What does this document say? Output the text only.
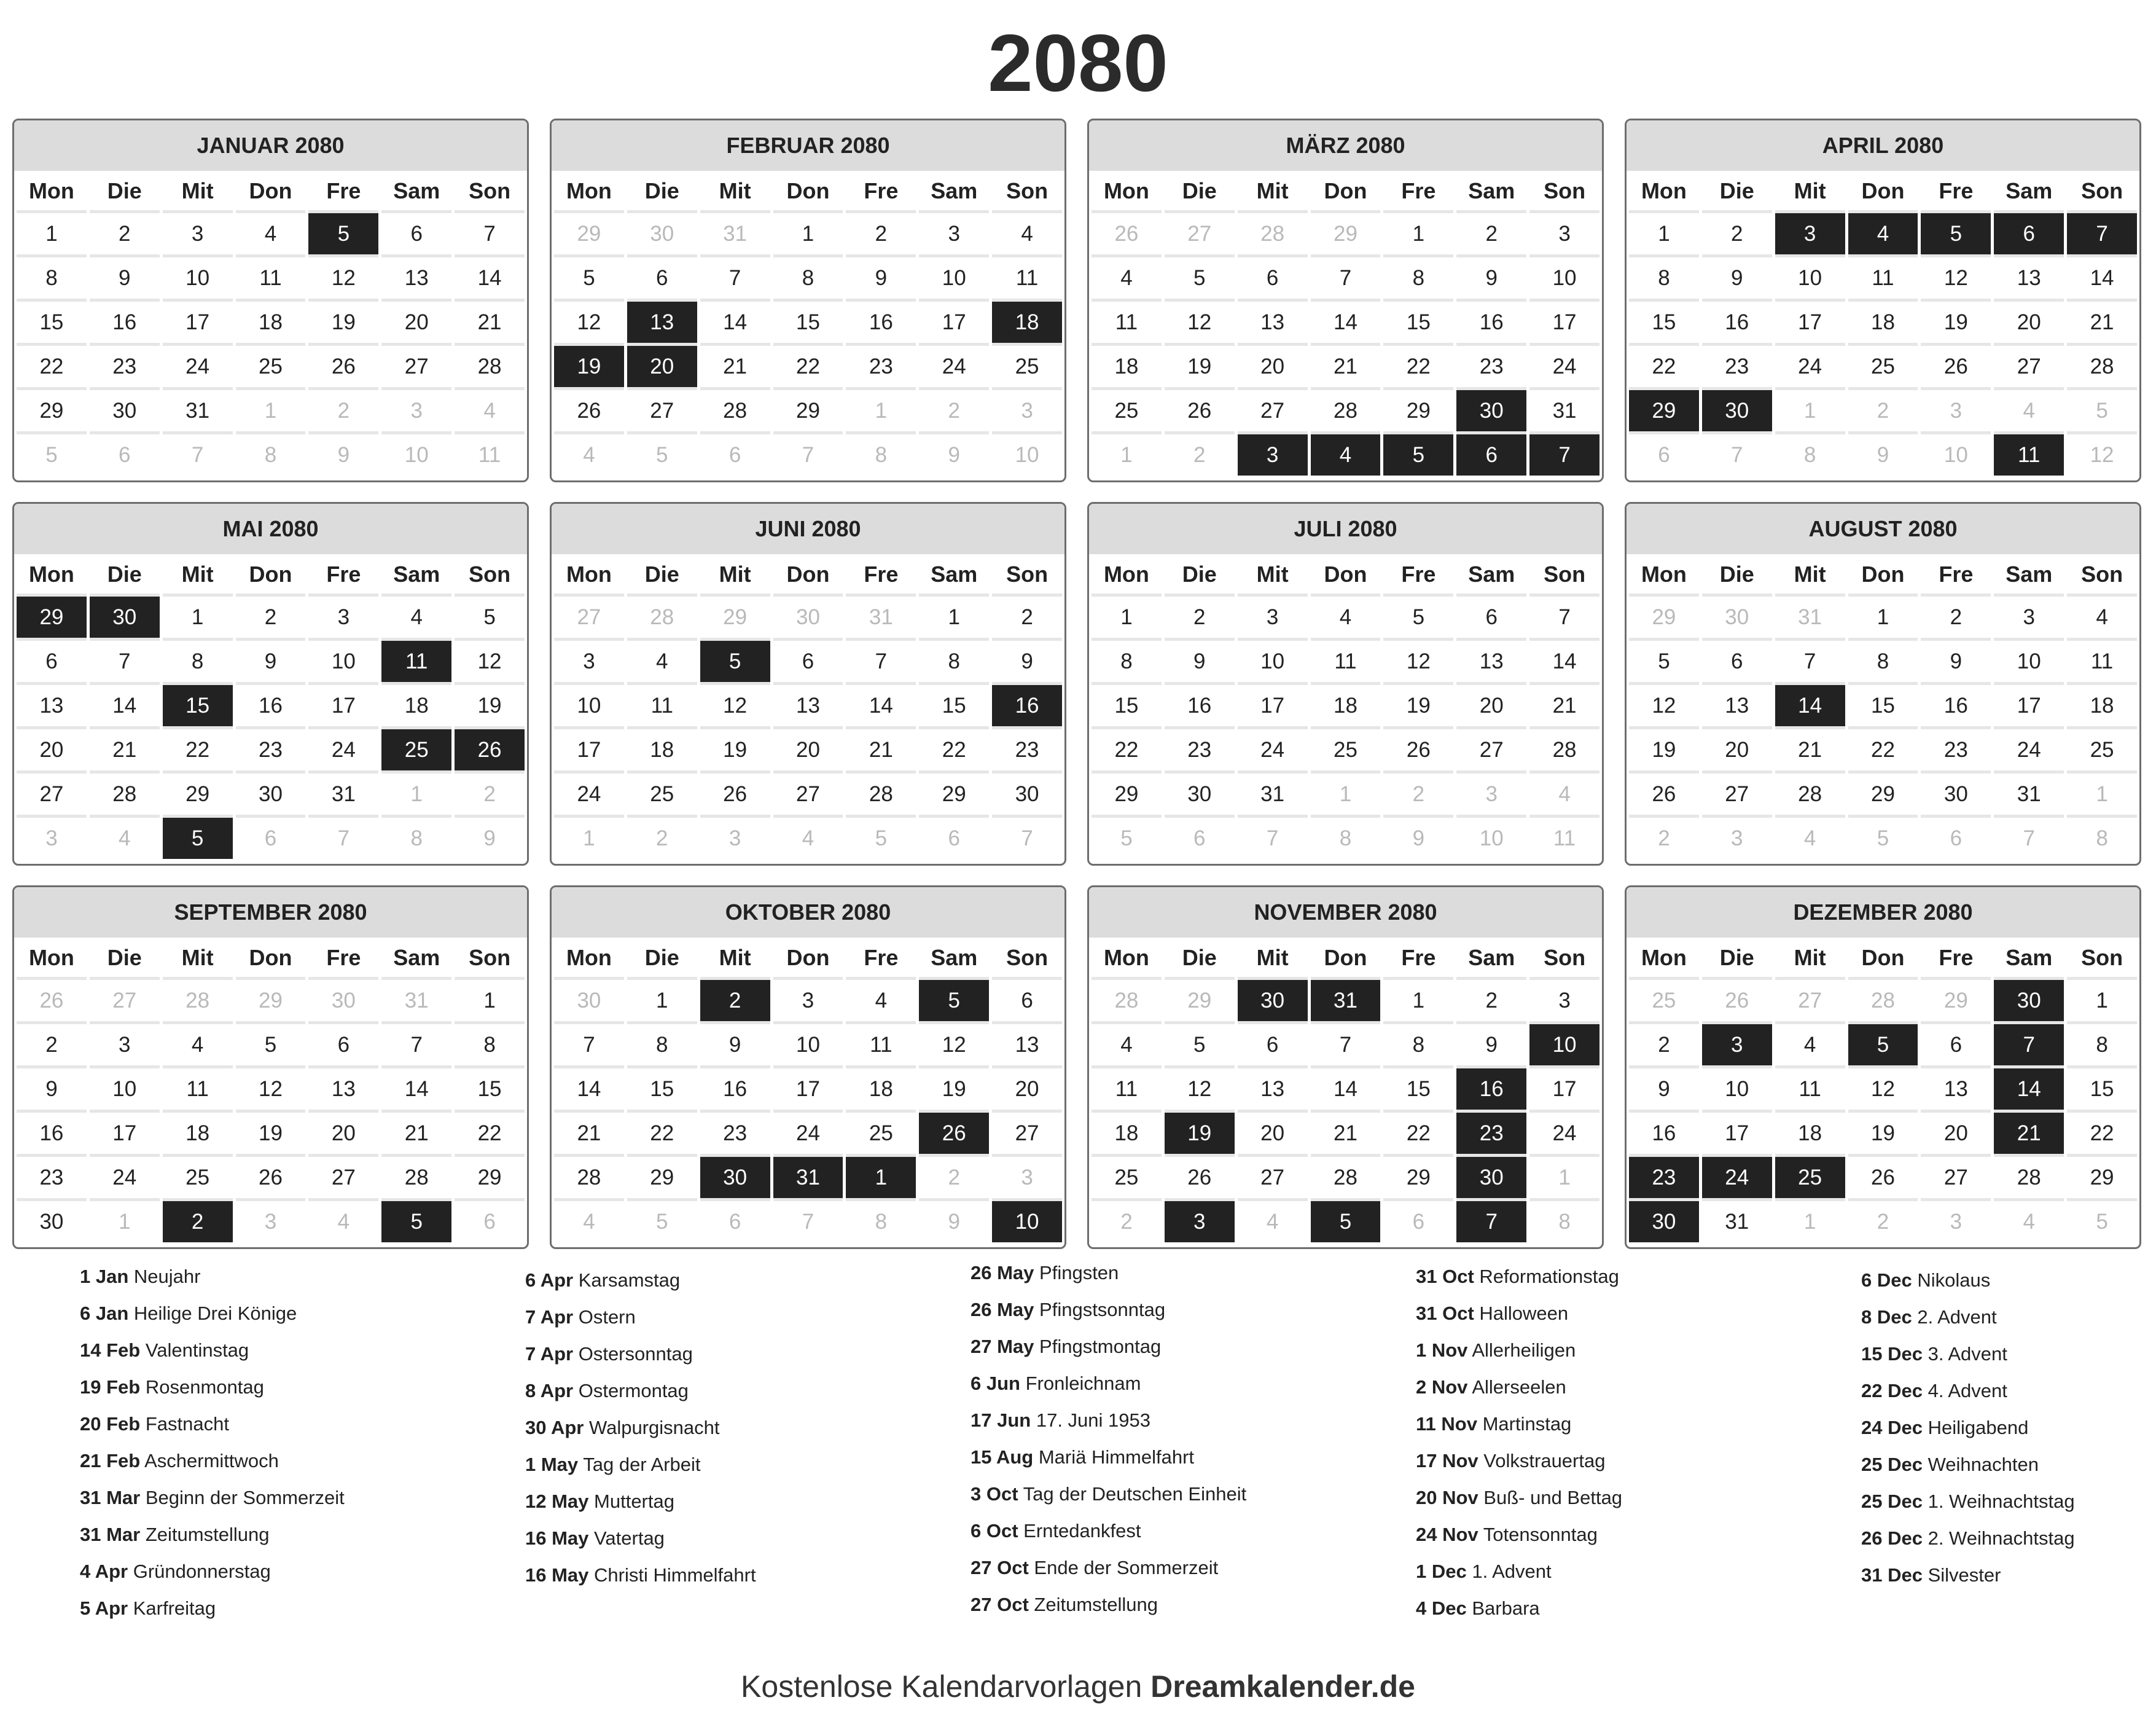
2080
JANUAR 2080
Mon	Die	Mit	Don	Fre	Sam	Son
1	2	3	4	5	6	7
8	9	10	11	12	13	14
15	16	17	18	19	20	21
22	23	24	25	26	27	28
29	30	31	1	2	3	4
5	6	7	8	9	10	11
FEBRUAR 2080
Mon	Die	Mit	Don	Fre	Sam	Son
29	30	31	1	2	3	4
5	6	7	8	9	10	11
12	13	14	15	16	17	18
19	20	21	22	23	24	25
26	27	28	29	1	2	3
4	5	6	7	8	9	10
MÄRZ 2080
Mon	Die	Mit	Don	Fre	Sam	Son
26	27	28	29	1	2	3
4	5	6	7	8	9	10
11	12	13	14	15	16	17
18	19	20	21	22	23	24
25	26	27	28	29	30	31
1	2	3	4	5	6	7
APRIL 2080
Mon	Die	Mit	Don	Fre	Sam	Son
1	2	3	4	5	6	7
8	9	10	11	12	13	14
15	16	17	18	19	20	21
22	23	24	25	26	27	28
29	30	1	2	3	4	5
6	7	8	9	10	11	12
MAI 2080
Mon	Die	Mit	Don	Fre	Sam	Son
29	30	1	2	3	4	5
6	7	8	9	10	11	12
13	14	15	16	17	18	19
20	21	22	23	24	25	26
27	28	29	30	31	1	2
3	4	5	6	7	8	9
JUNI 2080
Mon	Die	Mit	Don	Fre	Sam	Son
27	28	29	30	31	1	2
3	4	5	6	7	8	9
10	11	12	13	14	15	16
17	18	19	20	21	22	23
24	25	26	27	28	29	30
1	2	3	4	5	6	7
JULI 2080
Mon	Die	Mit	Don	Fre	Sam	Son
1	2	3	4	5	6	7
8	9	10	11	12	13	14
15	16	17	18	19	20	21
22	23	24	25	26	27	28
29	30	31	1	2	3	4
5	6	7	8	9	10	11
AUGUST 2080
Mon	Die	Mit	Don	Fre	Sam	Son
29	30	31	1	2	3	4
5	6	7	8	9	10	11
12	13	14	15	16	17	18
19	20	21	22	23	24	25
26	27	28	29	30	31	1
2	3	4	5	6	7	8
SEPTEMBER 2080
Mon	Die	Mit	Don	Fre	Sam	Son
26	27	28	29	30	31	1
2	3	4	5	6	7	8
9	10	11	12	13	14	15
16	17	18	19	20	21	22
23	24	25	26	27	28	29
30	1	2	3	4	5	6
OKTOBER 2080
Mon	Die	Mit	Don	Fre	Sam	Son
30	1	2	3	4	5	6
7	8	9	10	11	12	13
14	15	16	17	18	19	20
21	22	23	24	25	26	27
28	29	30	31	1	2	3
4	5	6	7	8	9	10
NOVEMBER 2080
Mon	Die	Mit	Don	Fre	Sam	Son
28	29	30	31	1	2	3
4	5	6	7	8	9	10
11	12	13	14	15	16	17
18	19	20	21	22	23	24
25	26	27	28	29	30	1
2	3	4	5	6	7	8
DEZEMBER 2080
Mon	Die	Mit	Don	Fre	Sam	Son
25	26	27	28	29	30	1
2	3	4	5	6	7	8
9	10	11	12	13	14	15
16	17	18	19	20	21	22
23	24	25	26	27	28	29
30	31	1	2	3	4	5
1 Jan Neujahr
6 Jan Heilige Drei Könige
14 Feb Valentinstag
19 Feb Rosenmontag
20 Feb Fastnacht
21 Feb Aschermittwoch
31 Mar Beginn der Sommerzeit
31 Mar Zeitumstellung
4 Apr Gründonnerstag
5 Apr Karfreitag
6 Apr Karsamstag
7 Apr Ostern
7 Apr Ostersonntag
8 Apr Ostermontag
30 Apr Walpurgisnacht
1 May Tag der Arbeit
12 May Muttertag
16 May Vatertag
16 May Christi Himmelfahrt
26 May Pfingsten
26 May Pfingstsonntag
27 May Pfingstmontag
6 Jun Fronleichnam
17 Jun 17. Juni 1953
15 Aug Mariä Himmelfahrt
3 Oct Tag der Deutschen Einheit
6 Oct Erntedankfest
27 Oct Ende der Sommerzeit
27 Oct Zeitumstellung
31 Oct Reformationstag
31 Oct Halloween
1 Nov Allerheiligen
2 Nov Allerseelen
11 Nov Martinstag
17 Nov Volkstrauertag
20 Nov Buß- und Bettag
24 Nov Totensonntag
1 Dec 1. Advent
4 Dec Barbara
6 Dec Nikolaus
8 Dec 2. Advent
15 Dec 3. Advent
22 Dec 4. Advent
24 Dec Heiligabend
25 Dec Weihnachten
25 Dec 1. Weihnachtstag
26 Dec 2. Weihnachtstag
31 Dec Silvester
Kostenlose Kalendarvorlagen Dreamkalender.de
